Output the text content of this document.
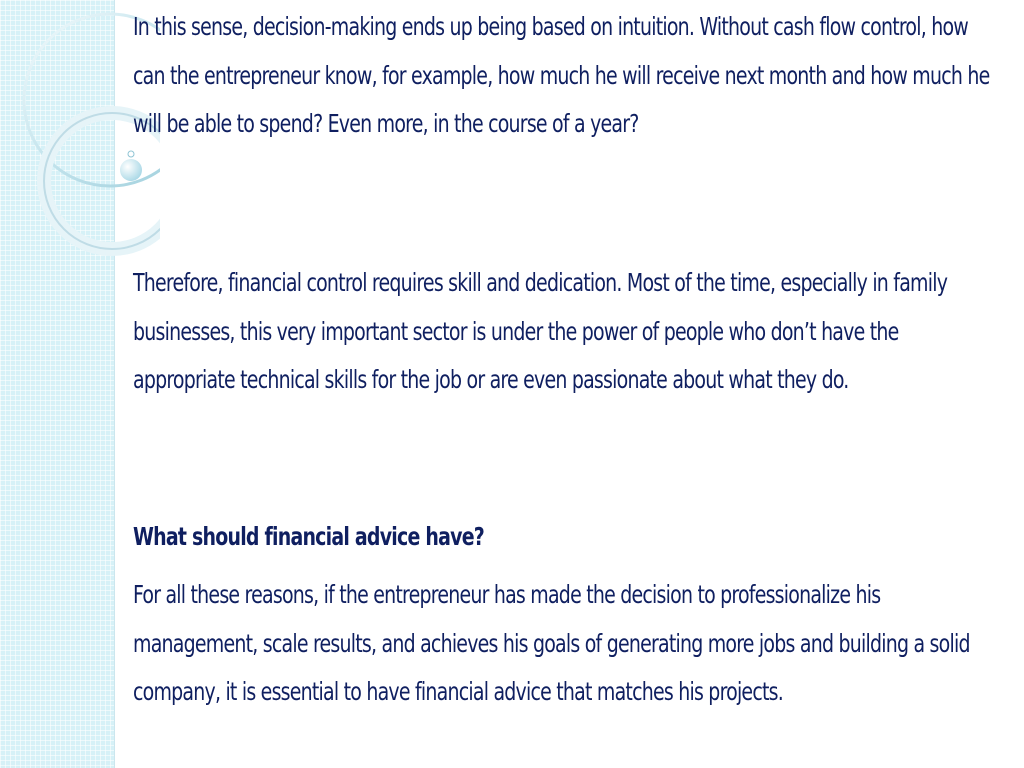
In this sense, decision-making ends up being based on intuition. Without cash flow control, how can the entrepreneur know, for example, how much he will receive next month and how much he will be able to spend? Even more, in the course of a year?

Therefore, financial control requires skill and dedication. Most of the time, especially in family businesses, this very important sector is under the power of people who don’t have the appropriate technical skills for the job or are even passionate about what they do.

What should financial advice have?

For all these reasons, if the entrepreneur has made the decision to professionalize his management, scale results, and achieves his goals of generating more jobs and building a solid company, it is essential to have financial advice that matches his projects.
